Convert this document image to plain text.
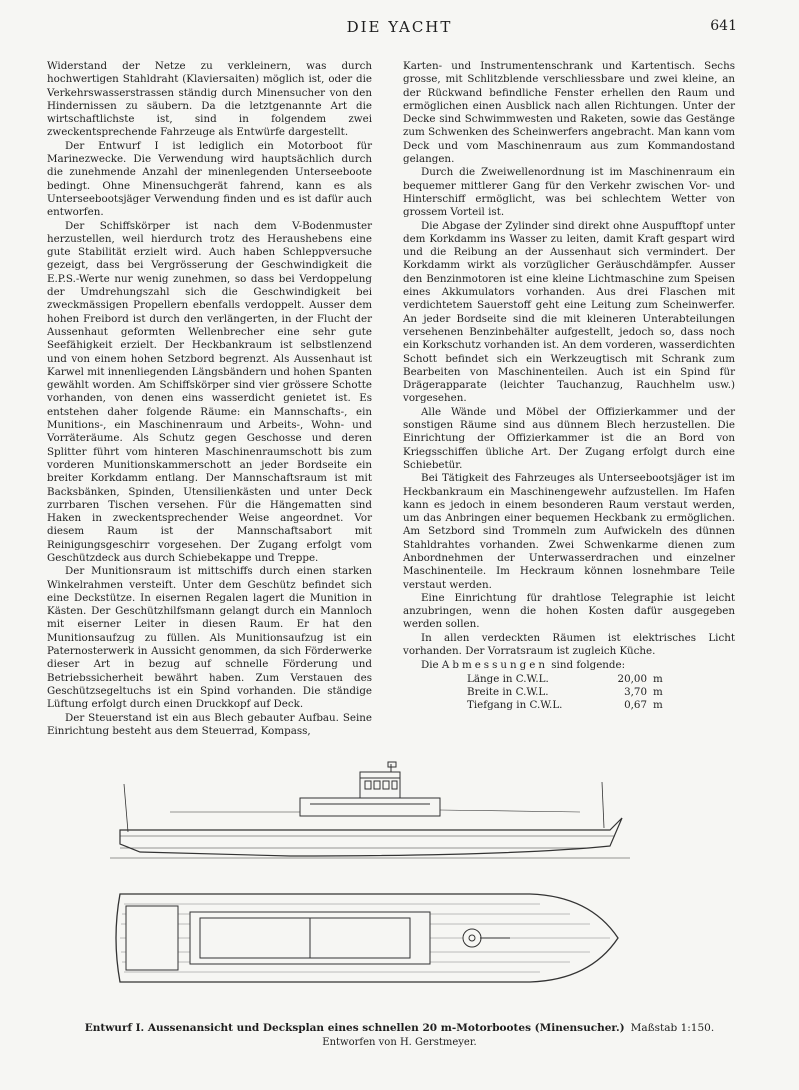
DIE YACHT	641

Widerstand der Netze zu verkleinern, was durch hochwertigen Stahldraht (Klaviersaiten) möglich ist, oder die Verkehrswasserstrassen ständig durch Minensucher von den Hindernissen zu säubern. Da die letztgenannte Art die wirtschaftlichste ist, sind in folgendem zwei zweckentsprechende Fahrzeuge als Entwürfe dargestellt.

Der Entwurf I ist lediglich ein Motorboot für Marinezwecke. Die Verwendung wird hauptsächlich durch die zunehmende Anzahl der minenlegenden Unterseeboote bedingt. Ohne Minensuchgerät fahrend, kann es als Unterseebootsjäger Verwendung finden und es ist dafür auch entworfen.

Der Schiffskörper ist nach dem V-Bodenmuster herzustellen, weil hierdurch trotz des Heraushebens eine gute Stabilität erzielt wird. Auch haben Schleppversuche gezeigt, dass bei Vergrösserung der Geschwindigkeit die E.P.S.-Werte nur wenig zunehmen, so dass bei Verdoppelung der Umdrehungszahl sich die Geschwindigkeit bei zweckmässigen Propellern ebenfalls verdoppelt. Ausser dem hohen Freibord ist durch den verlängerten, in der Flucht der Aussenhaut geformten Wellenbrecher eine sehr gute Seefähigkeit erzielt. Der Heckbankraum ist selbstlenzend und von einem hohen Setzbord begrenzt. Als Aussenhaut ist Karwel mit innenliegenden Längsbändern und hohen Spanten gewählt worden. Am Schiffskörper sind vier grössere Schotte vorhanden, von denen eins wasserdicht genietet ist. Es entstehen daher folgende Räume: ein Mannschafts-, ein Munitions-, ein Maschinenraum und Arbeits-, Wohn- und Vorräteräume. Als Schutz gegen Geschosse und deren Splitter führt vom hinteren Maschinenraumschott bis zum vorderen Munitionskammerschott an jeder Bordseite ein breiter Korkdamm entlang. Der Mannschaftsraum ist mit Backsbänken, Spinden, Utensilienkästen und unter Deck zurrbaren Tischen versehen. Für die Hängematten sind Haken in zweckentsprechender Weise angeordnet. Vor diesem Raum ist der Mannschaftsabort mit Reinigungsgeschirr vorgesehen. Der Zugang erfolgt vom Geschützdeck aus durch Schiebekappe und Treppe.

Der Munitionsraum ist mittschiffs durch einen starken Winkelrahmen versteift. Unter dem Geschütz befindet sich eine Deckstütze. In eisernen Regalen lagert die Munition in Kästen. Der Geschützhilfsmann gelangt durch ein Mannloch mit eiserner Leiter in diesen Raum. Er hat den Munitionsaufzug zu füllen. Als Munitionsaufzug ist ein Paternosterwerk in Aussicht genommen, da sich Förderwerke dieser Art in bezug auf schnelle Förderung und Betriebssicherheit bewährt haben. Zum Verstauen des Geschützsegeltuchs ist ein Spind vorhanden. Die ständige Lüftung erfolgt durch einen Druckkopf auf Deck.

Der Steuerstand ist ein aus Blech gebauter Aufbau. Seine Einrichtung besteht aus dem Steuerrad, Kompass,

Karten- und Instrumentenschrank und Kartentisch. Sechs grosse, mit Schlitzblende verschliessbare und zwei kleine, an der Rückwand befindliche Fenster erhellen den Raum und ermöglichen einen Ausblick nach allen Richtungen. Unter der Decke sind Schwimmwesten und Raketen, sowie das Gestänge zum Schwenken des Scheinwerfers angebracht. Man kann vom Deck und vom Maschinenraum aus zum Kommandostand gelangen.

Durch die Zweiwellenordnung ist im Maschinenraum ein bequemer mittlerer Gang für den Verkehr zwischen Vor- und Hinterschiff ermöglicht, was bei schlechtem Wetter von grossem Vorteil ist.

Die Abgase der Zylinder sind direkt ohne Auspufftopf unter dem Korkdamm ins Wasser zu leiten, damit Kraft gespart wird und die Reibung an der Aussenhaut sich vermindert. Der Korkdamm wirkt als vorzüglicher Geräuschdämpfer. Ausser den Benzinmotoren ist eine kleine Lichtmaschine zum Speisen eines Akkumulators vorhanden. Aus drei Flaschen mit verdichtetem Sauerstoff geht eine Leitung zum Scheinwerfer. An jeder Bordseite sind die mit kleineren Unterabteilungen versehenen Benzinbehälter aufgestellt, jedoch so, dass noch ein Korkschutz vorhanden ist. An dem vorderen, wasserdichten Schott befindet sich ein Werkzeugtisch mit Schrank zum Bearbeiten von Maschinenteilen. Auch ist ein Spind für Drägerapparate (leichter Tauchanzug, Rauchhelm usw.) vorgesehen.

Alle Wände und Möbel der Offizierkammer und der sonstigen Räume sind aus dünnem Blech herzustellen. Die Einrichtung der Offizierkammer ist die an Bord von Kriegsschiffen übliche Art. Der Zugang erfolgt durch eine Schiebetür.

Bei Tätigkeit des Fahrzeuges als Unterseebootsjäger ist im Heckbankraum ein Maschinengewehr aufzustellen. Im Hafen kann es jedoch in einem besonderen Raum verstaut werden, um das Anbringen einer bequemen Heckbank zu ermöglichen. Am Setzbord sind Trommeln zum Aufwickeln des dünnen Stahldrahtes vorhanden. Zwei Schwenkarme dienen zum Anbordnehmen der Unterwasserdrachen und einzelner Maschinenteile. Im Heckraum können losnehmbare Teile verstaut werden.

Eine Einrichtung für drahtlose Telegraphie ist leicht anzubringen, wenn die hohen Kosten dafür ausgegeben werden sollen.

In allen verdeckten Räumen ist elektrisches Licht vorhanden. Der Vorratsraum ist zugleich Küche.

Die Abmessungen sind folgende:
Länge in C.W.L.	20,00	m
Breite in C.W.L.	3,70	m
Tiefgang in C.W.L.	0,67	m
Entwurf I. Aussenansicht und Decksplan eines schnellen 20 m-Motorbootes (Minensucher.) Maßstab 1:150.
Entworfen von H. Gerstmeyer.
